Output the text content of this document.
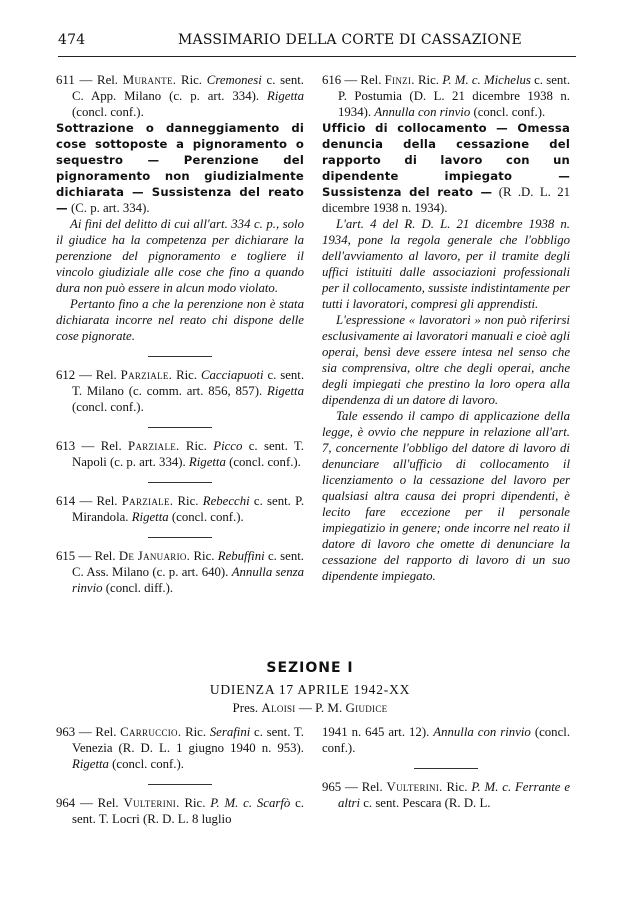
474	MASSIMARIO DELLA CORTE DI CASSAZIONE

611 — Rel. Murante. Ric. Cremonesi c. sent. C. App. Milano (c. p. art. 334). Rigetta (concl. conf.).

Sottrazione o danneggiamento di cose sottoposte a pignoramento o sequestro — Perenzione del pignoramento non giudizialmente dichiarata — Sussistenza del reato — (C. p. art. 334).

Ai fini del delitto di cui all'art. 334 c. p., solo il giudice ha la competenza per dichiarare la perenzione del pignoramento e togliere il vincolo giudiziale alle cose che fino a quando dura non può essere in alcun modo violato.

Pertanto fino a che la perenzione non è stata dichiarata incorre nel reato chi dispone delle cose pignorate.

612 — Rel. Parziale. Ric. Cacciapuoti c. sent. T. Milano (c. comm. art. 856, 857). Rigetta (concl. conf.).

613 — Rel. Parziale. Ric. Picco c. sent. T. Napoli (c. p. art. 334). Rigetta (concl. conf.).

614 — Rel. Parziale. Ric. Rebecchi c. sent. P. Mirandola. Rigetta (concl. conf.).

615 — Rel. De Januario. Ric. Rebuffini c. sent. C. Ass. Milano (c. p. art. 640). Annulla senza rinvio (concl. diff.).

616 — Rel. Finzi. Ric. P. M. c. Michelus c. sent. P. Postumia (D. L. 21 dicembre 1938 n. 1934). Annulla con rinvio (concl. conf.).

Ufficio di collocamento — Omessa denuncia della cessazione del rapporto di lavoro con un dipendente impiegato — Sussistenza del reato — (R .D. L. 21 dicembre 1938 n. 1934).

L'art. 4 del R. D. L. 21 dicembre 1938 n. 1934, pone la regola generale che l'obbligo dell'avviamento al lavoro, per il tramite degli uffici istituiti dalle associazioni professionali per il collocamento, sussiste indistintamente per tutti i lavoratori, compresi gli apprendisti.

L'espressione « lavoratori » non può riferirsi esclusivamente ai lavoratori manuali e cioè agli operai, bensì deve essere intesa nel senso che sia comprensiva, oltre che degli operai, anche degli impiegati che prestino la loro opera alla dipendenza di un datore di lavoro.

Tale essendo il campo di applicazione della legge, è ovvio che neppure in relazione all'art. 7, concernente l'obbligo del datore di lavoro di denunciare all'ufficio di collocamento il licenziamento o la cessazione del lavoro per qualsiasi altra causa dei propri dipendenti, è lecito fare eccezione per il personale impiegatizio in genere; onde incorre nel reato il datore di lavoro che omette di denunciare la cessazione del rapporto di lavoro di un suo dipendente impiegato.

SEZIONE I
UDIENZA 17 APRILE 1942-XX
Pres. Aloisi — P. M. Giudice

963 — Rel. Carruccio. Ric. Serafini c. sent. T. Venezia (R. D. L. 1 giugno 1940 n. 953). Rigetta (concl. conf.).

964 — Rel. Vulterini. Ric. P. M. c. Scarfò c. sent. T. Locri (R. D. L. 8 luglio

1941 n. 645 art. 12). Annulla con rinvio (concl. conf.).

965 — Rel. Vulterini. Ric. P. M. c. Ferrante e altri c. sent. Pescara (R. D. L.
